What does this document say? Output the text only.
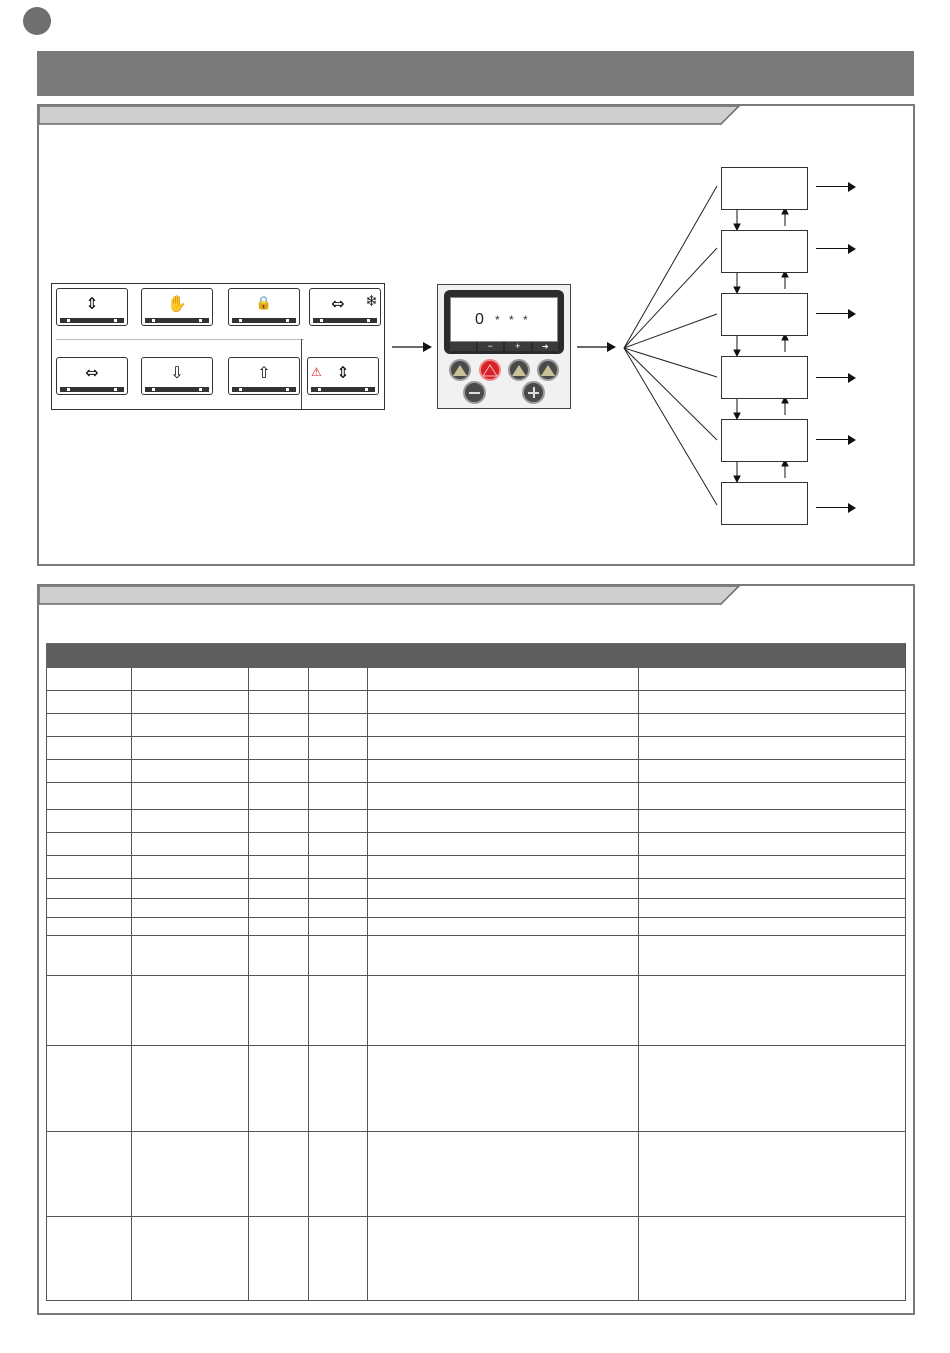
⇕	✋	🔒	⇔ ❄
⇔	⇩	⇧	⚠ ⇕
0 * * *
−	+	➜
